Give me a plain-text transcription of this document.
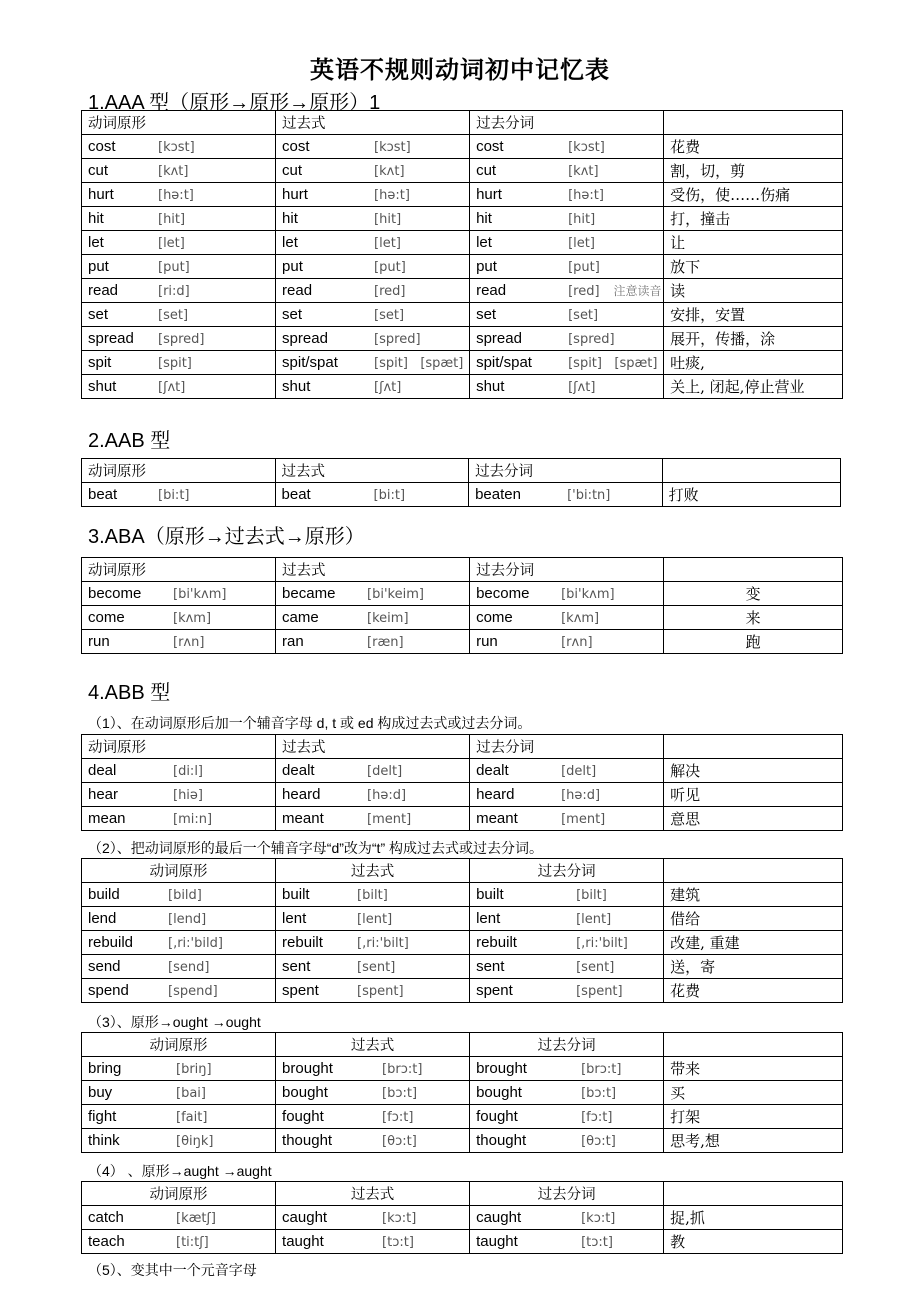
英语不规则动词初中记忆表
1.AAA 型（原形→原形→原形）1
动词原形	过去式	过去分词	
cost [kɔst]	cost [kɔst]	cost [kɔst]	花费
cut [kʌt]	cut [kʌt]	cut [kʌt]	割，切，剪
hurt [hə:t]	hurt [hə:t]	hurt [hə:t]	受伤，使……伤痛
hit [hit]	hit [hit]	hit [hit]	打，撞击
let [let]	let [let]	let [let]	让
put [put]	put [put]	put [put]	放下
read [ri:d]	read [red]	read [red] 注意读音	读
set [set]	set [set]	set [set]	安排，安置
spread [spred]	spread [spred]	spread [spred]	展开，传播，涂
spit [spit]	spit/spat [spit]   [spæt]	spit/spat [spit]   [spæt]	吐痰,
shut [ʃʌt]	shut [ʃʌt]	shut [ʃʌt]	关上, 闭起,停止营业
2.AAB 型
动词原形	过去式	过去分词	
beat [bi:t]	beat [bi:t]	beaten ['bi:tn]	打败
3.ABA（原形→过去式→原形）
动词原形	过去式	过去分词	
become [bi'kʌm]	became [bi'keim]	become [bi'kʌm]	变
come [kʌm]	came [keim]	come [kʌm]	来
run [rʌn]	ran [ræn]	run [rʌn]	跑
4.ABB 型
（1）、在动词原形后加一个辅音字母 d, t 或 ed 构成过去式或过去分词。
动词原形	过去式	过去分词	
deal [di:l]	dealt [delt]	dealt [delt]	解决
hear [hiə]	heard [hə:d]	heard [hə:d]	听见
mean [mi:n]	meant [ment]	meant [ment]	意思
（2）、把动词原形的最后一个辅音字母“d”改为“t” 构成过去式或过去分词。
动词原形	过去式	过去分词	
build [bild]	built [bilt]	built [bilt]	建筑
lend [lend]	lent [lent]	lent [lent]	借给
rebuild [,ri:'bild]	rebuilt [,ri:'bilt]	rebuilt [,ri:'bilt]	改建, 重建
send [send]	sent [sent]	sent [sent]	送，寄
spend [spend]	spent [spent]	spent [spent]	花费
（3）、原形→ought →ought
动词原形	过去式	过去分词	
bring [briŋ]	brought [brɔ:t]	brought [brɔ:t]	带来
buy [bai]	bought [bɔ:t]	bought [bɔ:t]	买
fight [fait]	fought [fɔ:t]	fought [fɔ:t]	打架
think [θiŋk]	thought [θɔ:t]	thought [θɔ:t]	思考,想
（4） 、原形→aught →aught
动词原形	过去式	过去分词	
catch [kætʃ]	caught [kɔ:t]	caught [kɔ:t]	捉,抓
teach [ti:tʃ]	taught [tɔ:t]	taught [tɔ:t]	教
（5）、变其中一个元音字母
